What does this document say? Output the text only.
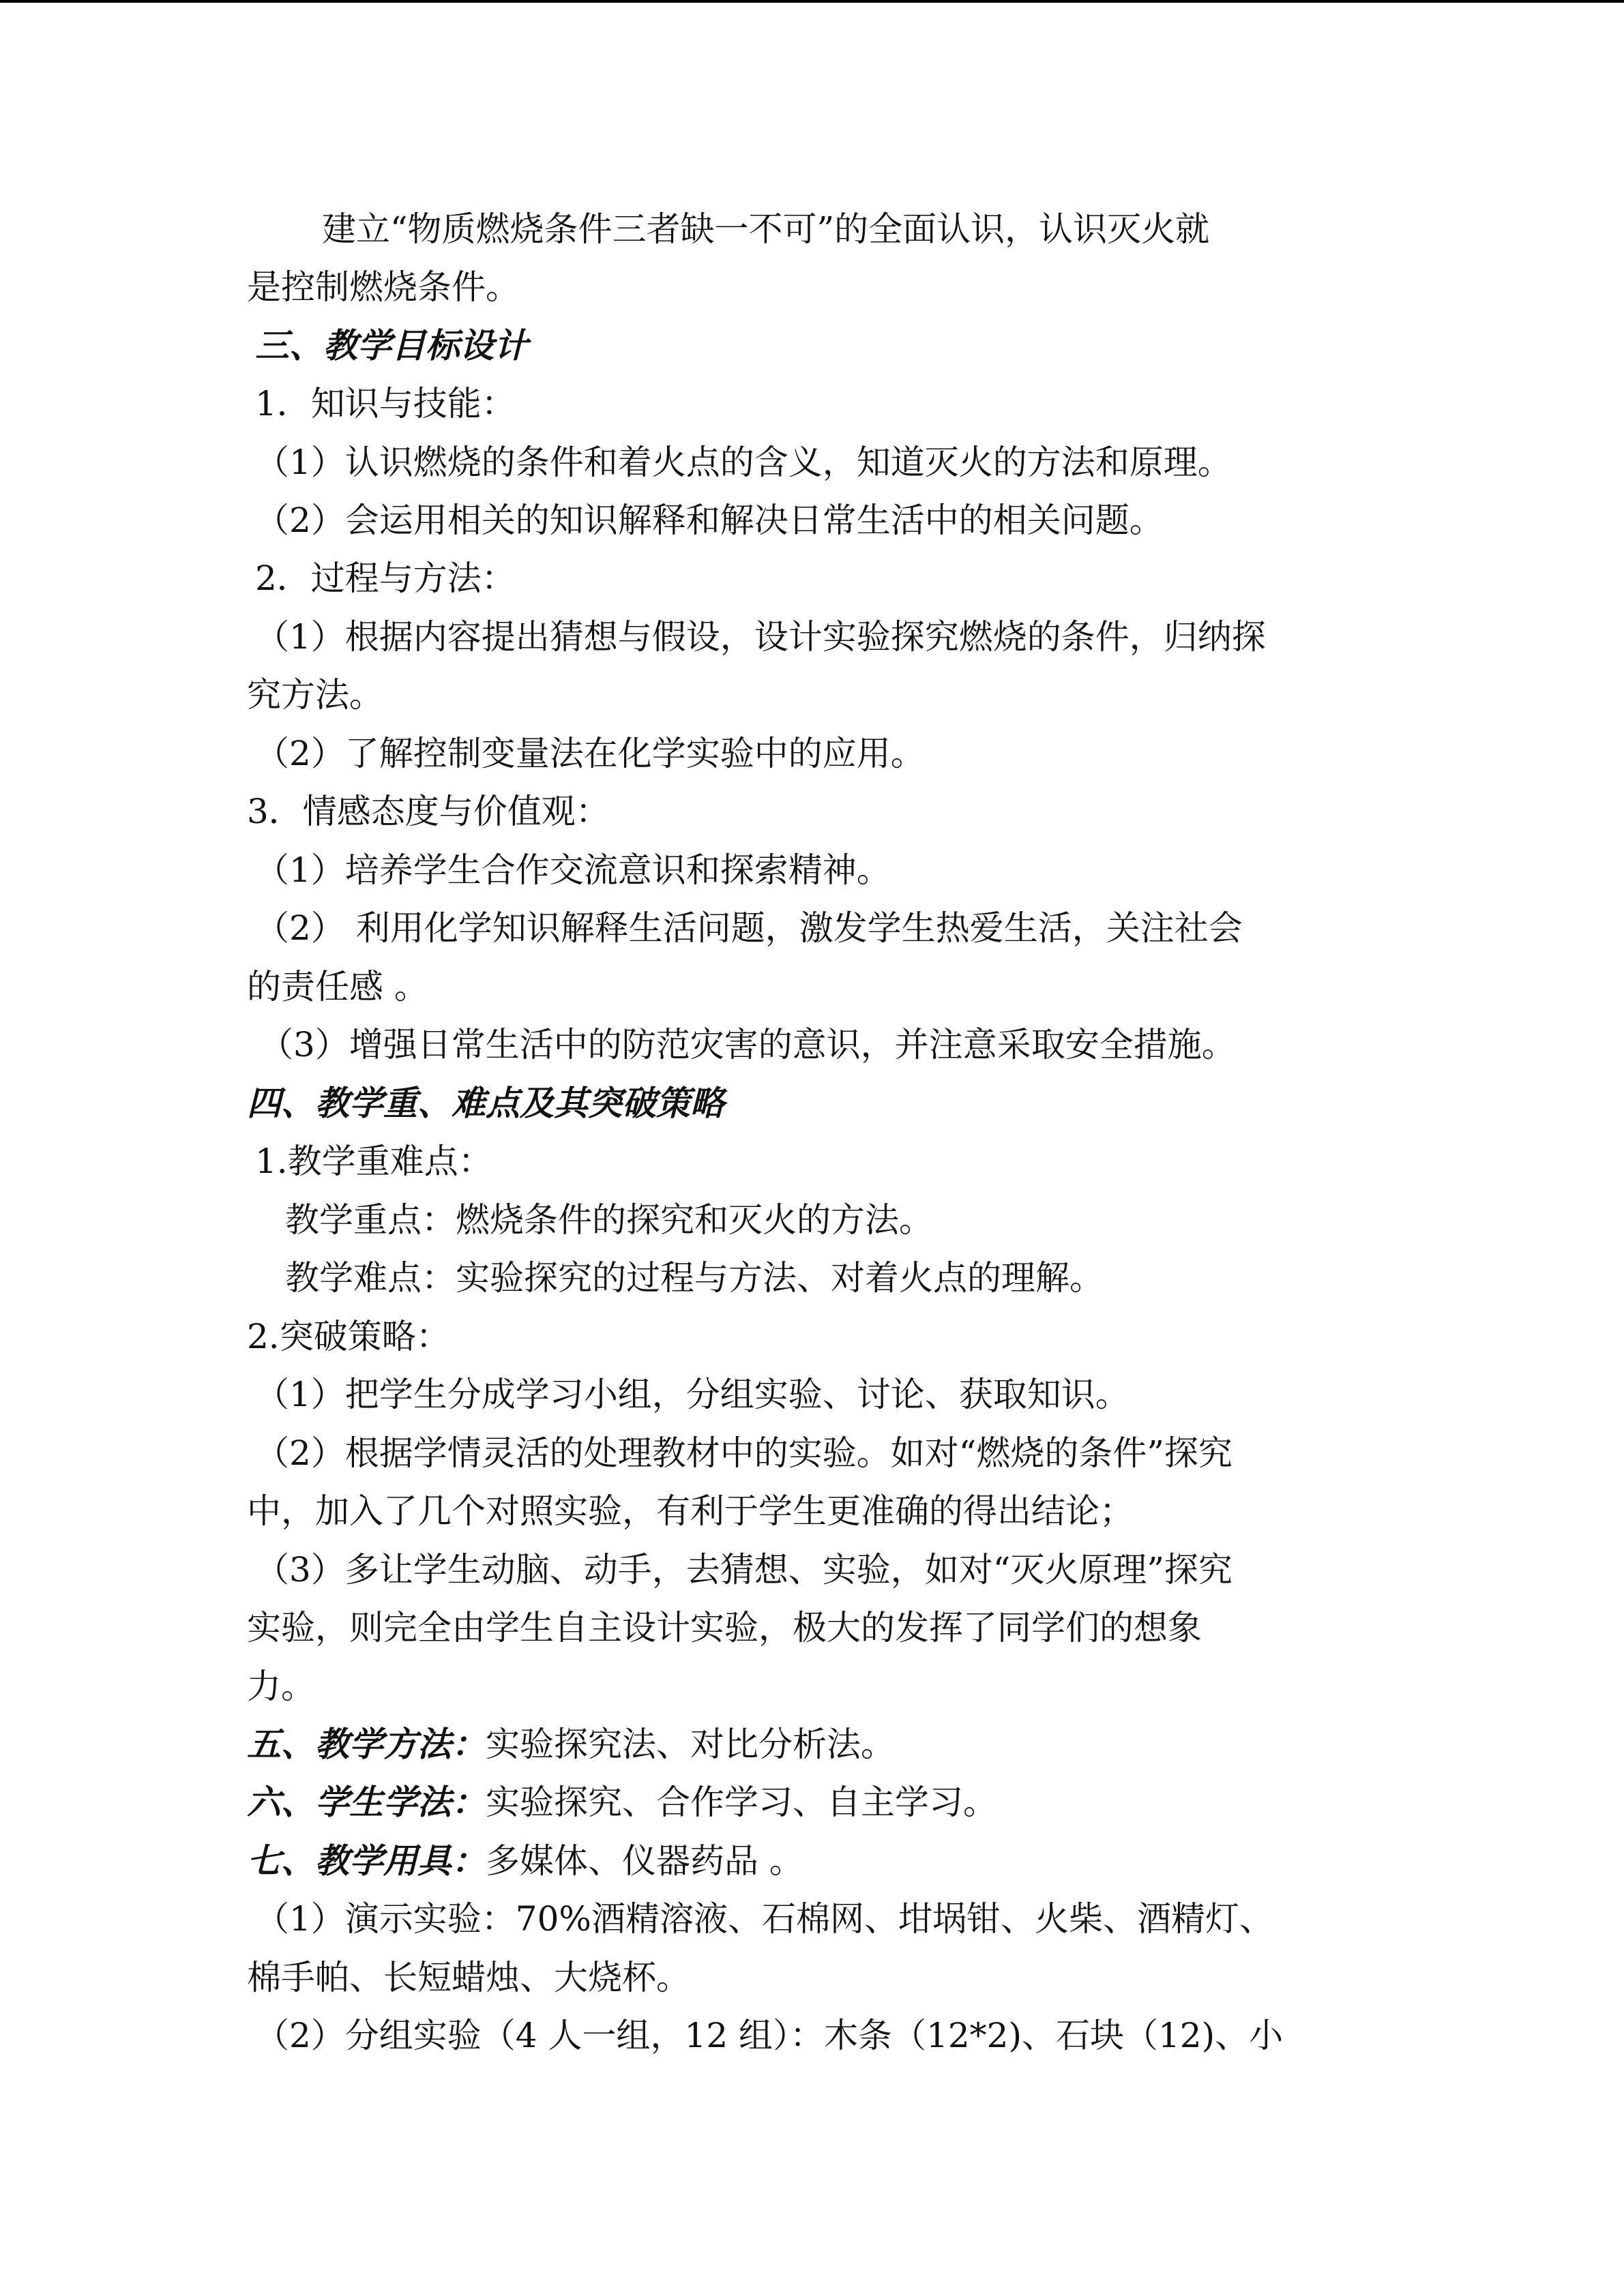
建立“物质燃烧条件三者缺一不可”的全面认识，认识灭火就
是控制燃烧条件。
三、教学目标设计
1．知识与技能：
（1）认识燃烧的条件和着火点的含义，知道灭火的方法和原理。
（2）会运用相关的知识解释和解决日常生活中的相关问题。
2．过程与方法：
（1）根据内容提出猜想与假设，设计实验探究燃烧的条件，归纳探
究方法。
（2）了解控制变量法在化学实验中的应用。
3．情感态度与价值观：
（1）培养学生合作交流意识和探索精神。
（2） 利用化学知识解释生活问题，激发学生热爱生活，关注社会
的责任感 。
（3）增强日常生活中的防范灾害的意识，并注意采取安全措施。
四、教学重、难点及其突破策略
1.教学重难点：
教学重点：燃烧条件的探究和灭火的方法。
教学难点：实验探究的过程与方法、对着火点的理解。
2.突破策略：
（1）把学生分成学习小组，分组实验、讨论、获取知识。
（2）根据学情灵活的处理教材中的实验。如对“燃烧的条件”探究
中，加入了几个对照实验，有利于学生更准确的得出结论；
（3）多让学生动脑、动手，去猜想、实验，如对“灭火原理”探究
实验，则完全由学生自主设计实验，极大的发挥了同学们的想象
力。
五、教学方法：实验探究法、对比分析法。
六、学生学法：实验探究、合作学习、自主学习。
七、教学用具：多媒体、仪器药品 。
（1）演示实验：70%酒精溶液、石棉网、坩埚钳、火柴、酒精灯、
棉手帕、长短蜡烛、大烧杯。
（2）分组实验（4 人一组，12 组）：木条（12*2)、石块（12)、小
